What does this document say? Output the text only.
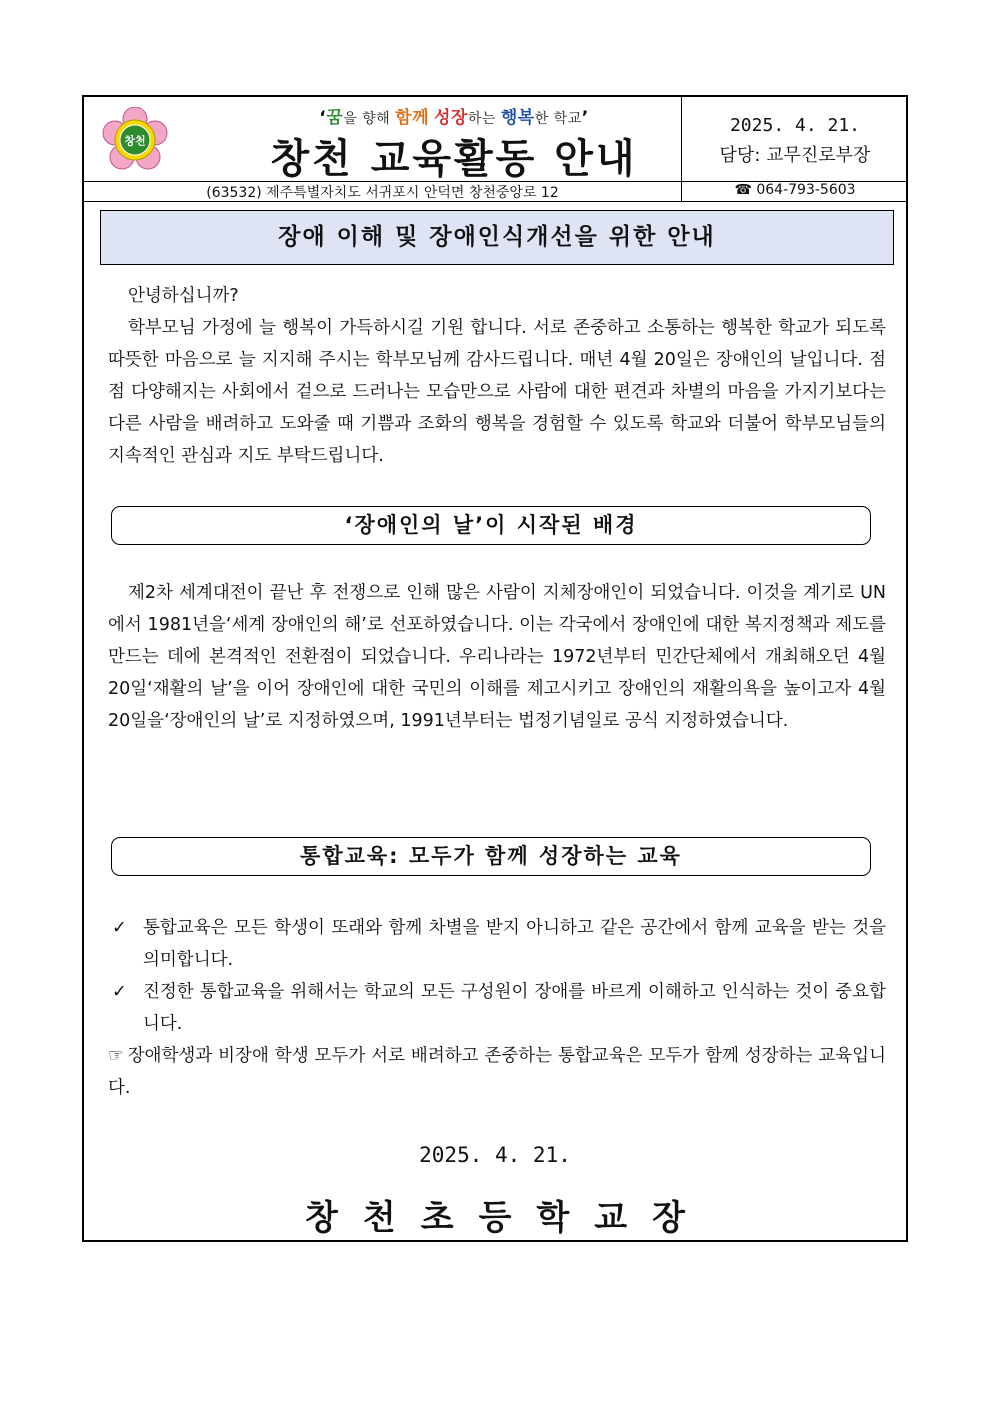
창천
‘꿈을 향해 함께 성장하는 행복한 학교’
창천 교육활동 안내
2025. 4. 21.
담당: 교무진로부장
(63532) 제주특별자치도 서귀포시 안덕면 창천중앙로 12	☎ 064-793-5603
장애 이해 및 장애인식개선을 위한 안내

안녕하십니까?

학부모님 가정에 늘 행복이 가득하시길 기원 합니다. 서로 존중하고 소통하는 행복한 학교가 되도록 따뜻한 마음으로 늘 지지해 주시는 학부모님께 감사드립니다. 매년 4월 20일은 장애인의 날입니다. 점점 다양해지는 사회에서 겉으로 드러나는 모습만으로 사람에 대한 편견과 차별의 마음을 가지기보다는 다른 사람을 배려하고 도와줄 때 기쁨과 조화의 행복을 경험할 수 있도록 학교와 더불어 학부모님들의 지속적인 관심과 지도 부탁드립니다.

‘장애인의 날’이 시작된 배경

제2차 세계대전이 끝난 후 전쟁으로 인해 많은 사람이 지체장애인이 되었습니다. 이것을 계기로 UN에서 1981년을‘세계 장애인의 해’로 선포하였습니다. 이는 각국에서 장애인에 대한 복지정책과 제도를 만드는 데에 본격적인 전환점이 되었습니다. 우리나라는 1972년부터 민간단체에서 개최해오던 4월 20일‘재활의 날’을 이어 장애인에 대한 국민의 이해를 제고시키고 장애인의 재활의욕을 높이고자 4월 20일을‘장애인의 날’로 지정하였으며, 1991년부터는 법정기념일로 공식 지정하였습니다.

통합교육: 모두가 함께 성장하는 교육
✓ 통합교육은 모든 학생이 또래와 함께 차별을 받지 아니하고 같은 공간에서 함께 교육을 받는 것을 의미합니다.
✓ 진정한 통합교육을 위해서는 학교의 모든 구성원이 장애를 바르게 이해하고 인식하는 것이 중요합니다.
☞ 장애학생과 비장애 학생 모두가 서로 배려하고 존중하는 통합교육은 모두가 함께 성장하는 교육입니다.
2025. 4. 21.
창천초등학교장
